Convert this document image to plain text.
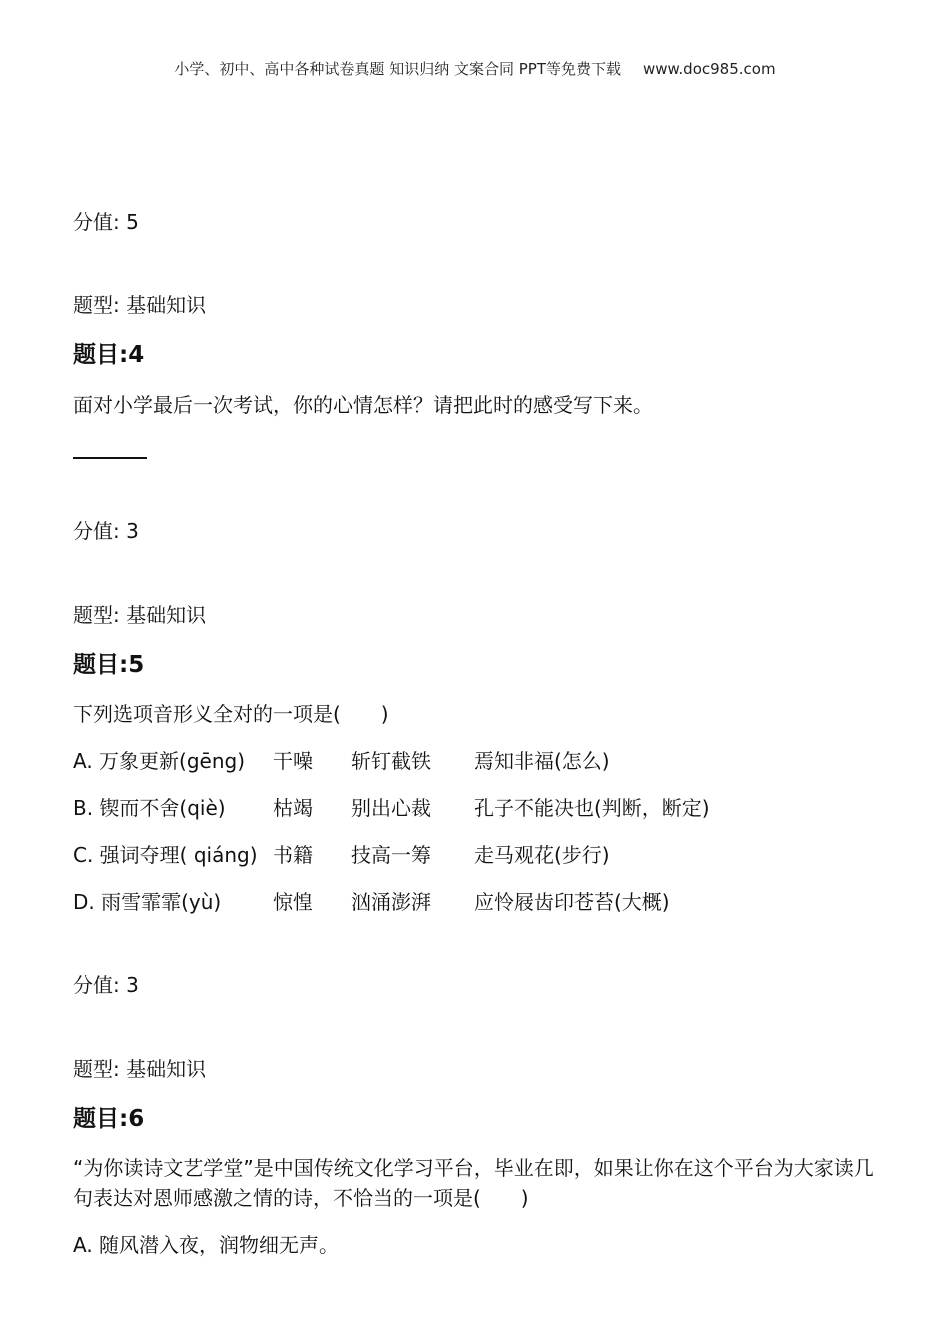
小学、初中、高中各种试卷真题 知识归纳 文案合同 PPT等免费下载 www.doc985.com
分值: 5
题型: 基础知识
题目:4
面对小学最后一次考试，你的心情怎样？请把此时的感受写下来。
分值: 3
题型: 基础知识
题目:5
下列选项音形义全对的一项是(　　)
A. 万象更新(gēng) 干噪 斩钉截铁 焉知非福(怎么)
B. 锲而不舍(qiè) 枯竭 别出心裁 孔子不能决也(判断，断定)
C. 强词夺理( qiáng) 书籍 技高一筹 走马观花(步行)
D. 雨雪霏霏(yù)	惊惶 汹涌澎湃 应怜屐齿印苍苔(大概)
分值: 3
题型: 基础知识
题目:6
“为你读诗文艺学堂”是中国传统文化学习平台，毕业在即，如果让你在这个平台为大家读几句表达对恩师感激之情的诗，不恰当的一项是(　　)
A. 随风潜入夜，润物细无声。
